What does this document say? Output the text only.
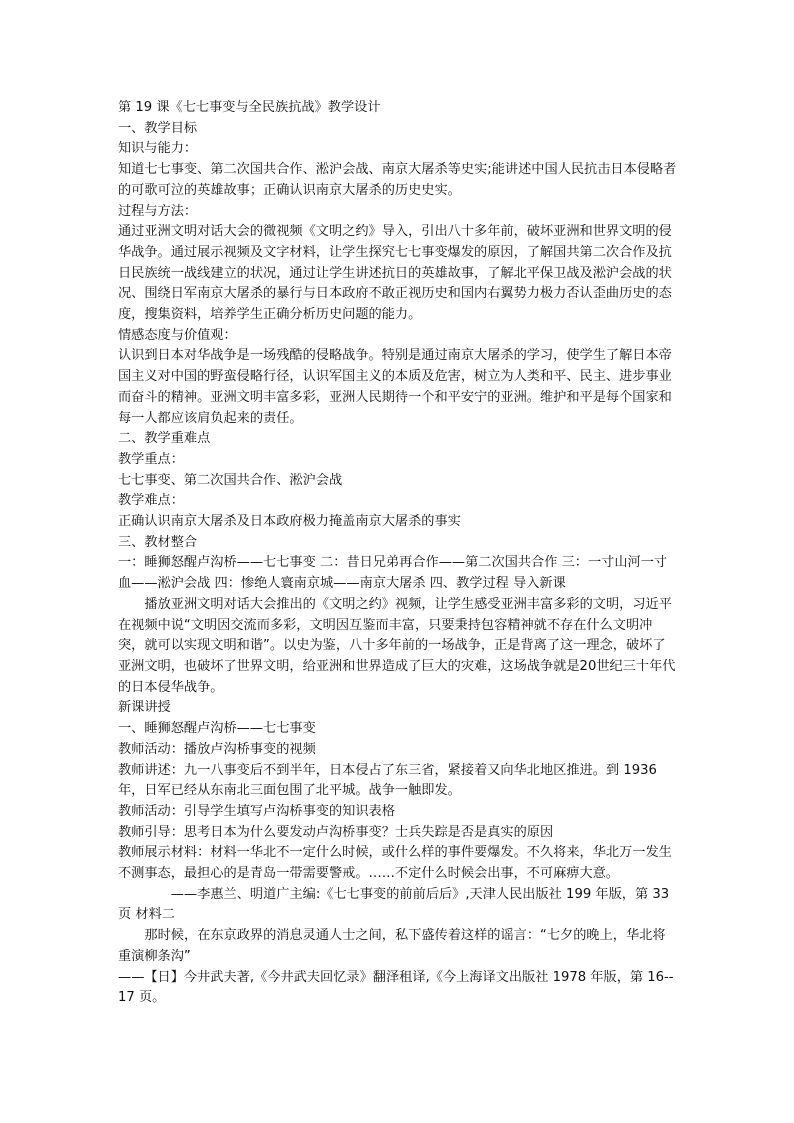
第 19 课《七七事变与全民族抗战》教学设计

一、教学目标

知识与能力：

知道七七事变、第二次国共合作、淞沪会战、南京大屠杀等史实;能讲述中国人民抗击日本侵略者的可歌可泣的英雄故事；正确认识南京大屠杀的历史史实。

过程与方法：

通过亚洲文明对话大会的微视频《文明之约》导入，引出八十多年前，破坏亚洲和世界文明的侵华战争。通过展示视频及文字材料，让学生探究七七事变爆发的原因，了解国共第二次合作及抗日民族统一战线建立的状况，通过让学生讲述抗日的英雄故事，了解北平保卫战及淞沪会战的状况、围绕日军南京大屠杀的暴行与日本政府不敢正视历史和国内右翼势力极力否认歪曲历史的态度，搜集资料，培养学生正确分析历史问题的能力。

情感态度与价值观：

认识到日本对华战争是一场残酷的侵略战争。特别是通过南京大屠杀的学习，使学生了解日本帝国主义对中国的野蛮侵略行径，认识军国主义的本质及危害，树立为人类和平、民主、进步事业而奋斗的精神。亚洲文明丰富多彩，亚洲人民期待一个和平安宁的亚洲。维护和平是每个国家和每一人都应该肩负起来的责任。

二、教学重难点

教学重点：

七七事变、第二次国共合作、淞沪会战

教学难点：

正确认识南京大屠杀及日本政府极力掩盖南京大屠杀的事实

三、教材整合

一：睡狮怒醒卢沟桥——七七事变 二：昔日兄弟再合作——第二次国共合作 三：一寸山河一寸血——淞沪会战 四：惨绝人寰南京城——南京大屠杀 四、教学过程 导入新课

播放亚洲文明对话大会推出的《文明之约》视频，让学生感受亚洲丰富多彩的文明，习近平在视频中说“文明因交流而多彩，文明因互鉴而丰富，只要秉持包容精神就不存在什么文明冲突，就可以实现文明和谐”。以史为鉴，八十多年前的一场战争，正是背离了这一理念，破坏了亚洲文明，也破坏了世界文明，给亚洲和世界造成了巨大的灾难，这场战争就是20世纪三十年代的日本侵华战争。

新课讲授

一、睡狮怒醒卢沟桥——七七事变

教师活动：播放卢沟桥事变的视频

教师讲述：九一八事变后不到半年，日本侵占了东三省，紧接着又向华北地区推进。到 1936年，日军已经从东南北三面包围了北平城。战争一触即发。

教师活动：引导学生填写卢沟桥事变的知识表格

教师引导：思考日本为什么要发动卢沟桥事变？士兵失踪是否是真实的原因

教师展示材料：材料一华北不一定什么时候，或什么样的事件要爆发。不久将来，华北万一发生不测事态，最担心的是青岛一带需要警戒。……不定什么时候会出事，不可麻痹大意。

——李惠兰、明道广主编:《七七事变的前前后后》,天津人民出版社 199 年版，第 33 页 材料二

那时候，在东京政界的消息灵通人士之间，私下盛传着这样的谣言：“七夕的晚上，华北将重演柳条沟”

——【日】今井武夫著,《今井武夫回忆录》翻泽租译,《今上海译文出版社 1978 年版，第 16--17 页。
